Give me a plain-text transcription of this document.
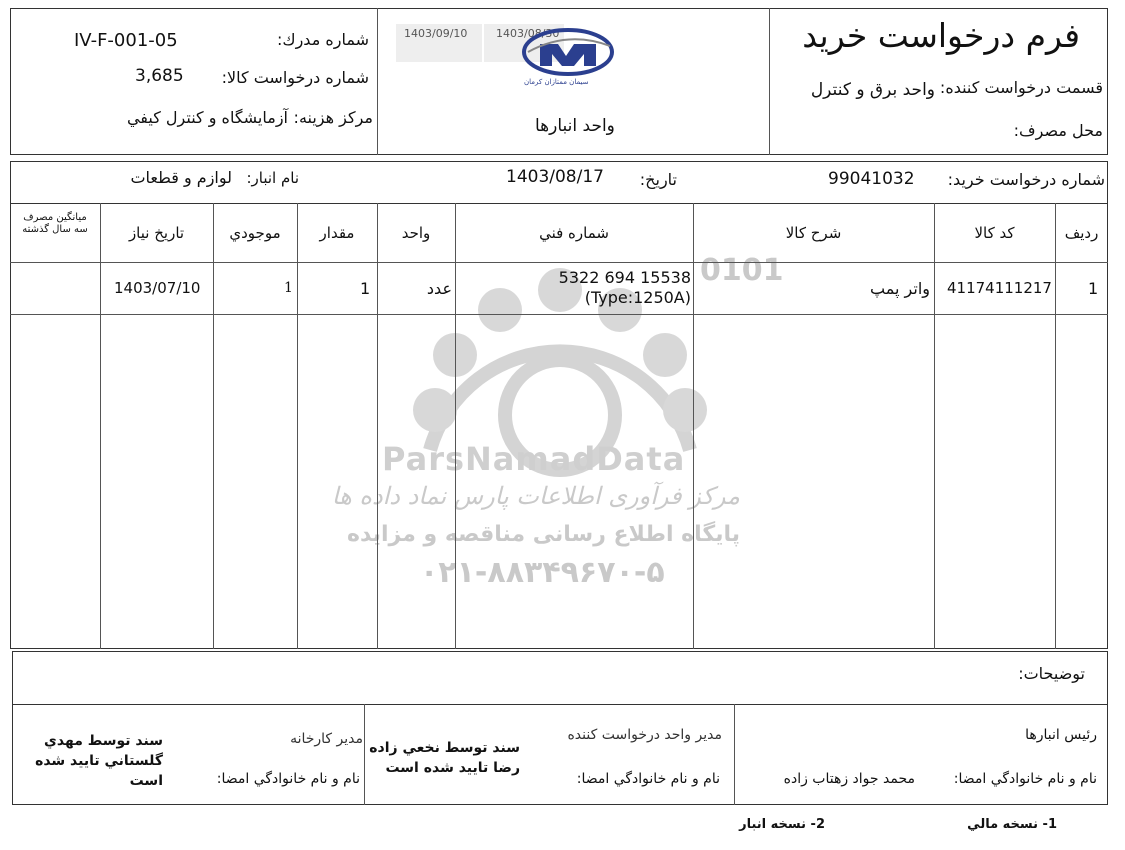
0101
ParsNamadData
مرکز فرآوری اطلاعات پارس نماد داده ها
پایگاه اطلاع رسانی مناقصه و مزایده
۰۲۱-۸۸۳۴۹۶۷۰-۵
فرم درخواست خريد
قسمت درخواست كننده:
واحد برق و كنترل
محل مصرف:
1403/09/10	1403/08/30
سیمان ممتازان کرمان
واحد انبارها
شماره مدرك:
IV-F-001-05
شماره درخواست كالا:
3,685
مركز هزينه:
آزمايشگاه و كنترل كيفي
شماره درخواست خريد:
99041032
تاريخ:
1403/08/17
نام انبار:
لوازم و قطعات
رديف
كد كالا
شرح كالا
شماره فني
واحد
مقدار
موجودي
تاريخ نياز
ميانگين مصرف
سه سال گذشته
1
41174111217
واتر پمپ
5322 694 15538
(Type:1250A)
عدد
1
1
1403/07/10
توضيحات:
رئيس انبارها
نام و نام خانوادگي امضا:
محمد جواد زهتاب زاده
مدير واحد درخواست كننده
نام و نام خانوادگي امضا:
سند توسط نخعي زاده
رضا تاييد شده است
مدير كارخانه
نام و نام خانوادگي امضا:
سند توسط مهدي
گلستاني تاييد شده
است
1- نسخه مالي
2- نسخه انبار
